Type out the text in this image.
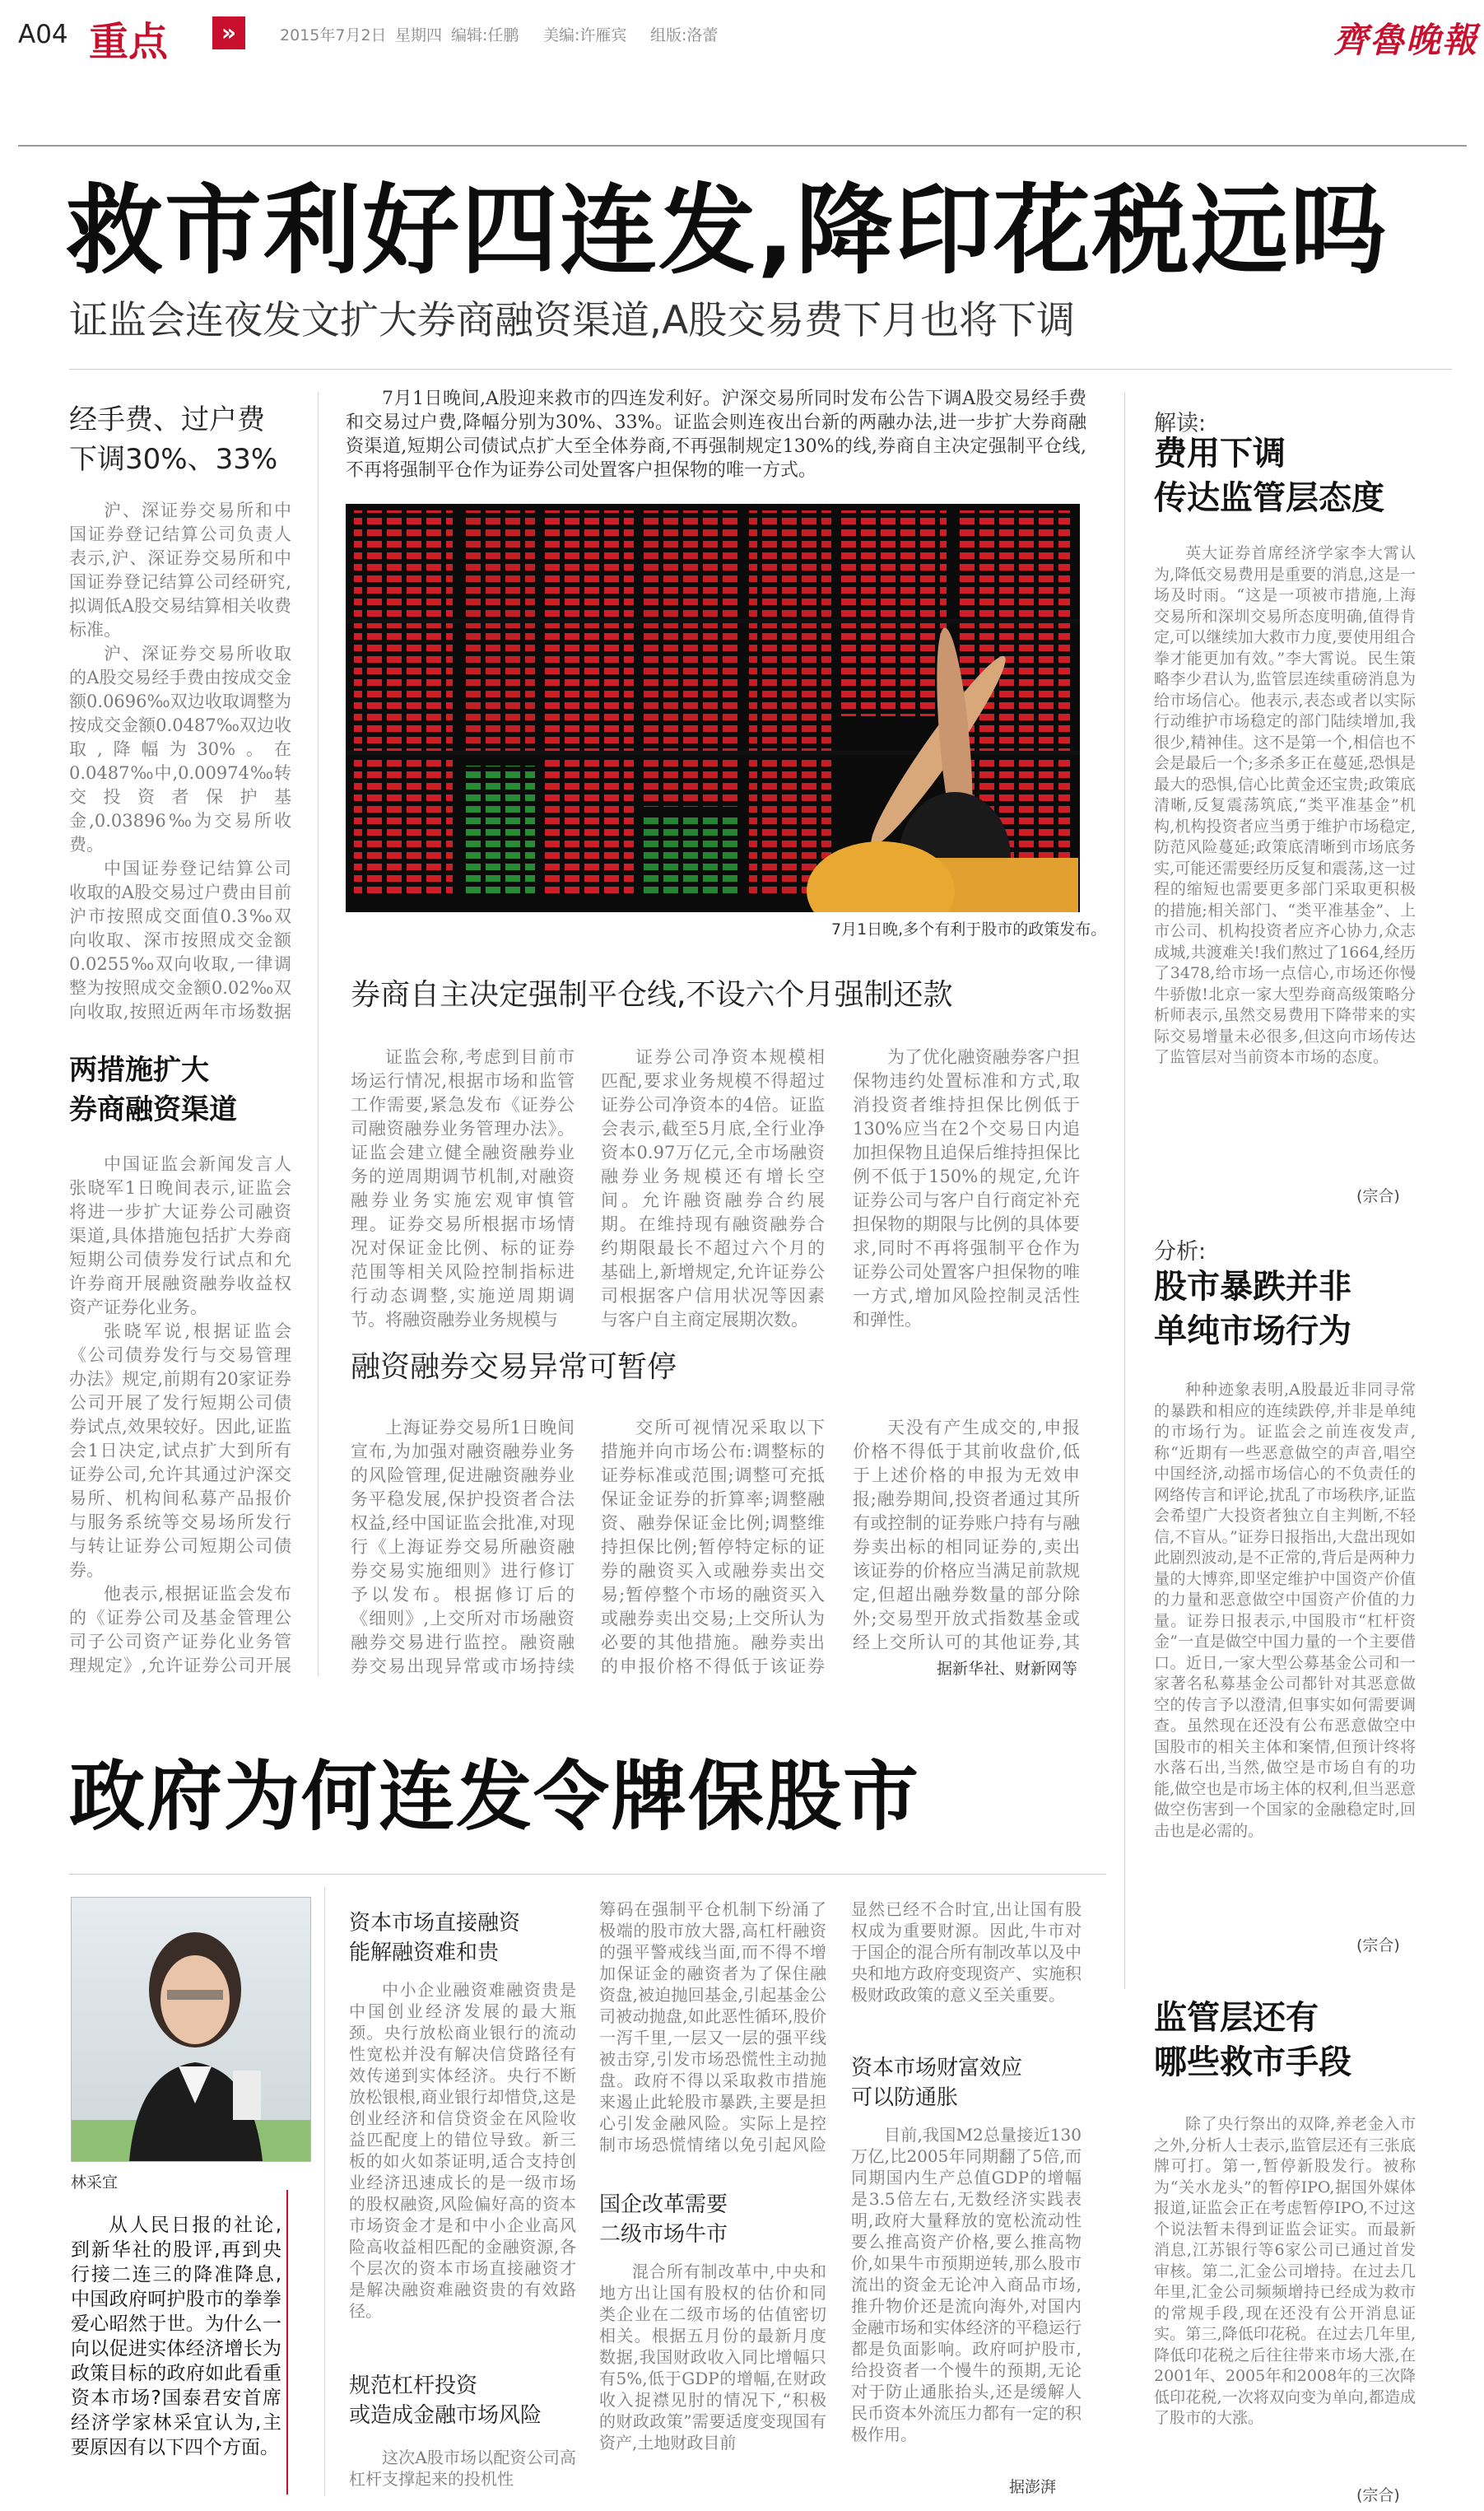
A04 重点	»	2015年7月2日 星期四 编辑:任鹏 美编:许雁宾 组版:洛蕾	齊魯晚報
救市利好四连发,降印花税远吗
证监会连夜发文扩大券商融资渠道,A股交易费下月也将下调
经手费、过户费
下调30%、33%

沪、深证券交易所和中国证券登记结算公司负责人表示,沪、深证券交易所和中国证券登记结算公司经研究,拟调低A股交易结算相关收费标准。

沪、深证券交易所收取的A股交易经手费由按成交金额0.0696‰双边收取调整为按成交金额0.0487‰双边收取,降幅为30%。在0.0487‰中,0.00974‰转交投资者保护基金,0.03896‰为交易所收费。

中国证券登记结算公司收取的A股交易过户费由目前沪市按照成交面值0.3‰双向收取、深市按照成交金额0.0255‰双向收取,一律调整为按照成交金额0.02‰双向收取,按照近两年市场数据

两措施扩大
券商融资渠道

中国证监会新闻发言人张晓军1日晚间表示,证监会将进一步扩大证券公司融资渠道,具体措施包括扩大券商短期公司债券发行试点和允许券商开展融资融券收益权资产证券化业务。

张晓军说,根据证监会《公司债券发行与交易管理办法》规定,前期有20家证券公司开展了发行短期公司债券试点,效果较好。因此,证监会1日决定,试点扩大到所有证券公司,允许其通过沪深交易所、机构间私募产品报价与服务系统等交易场所发行与转让证券公司短期公司债券。

他表示,根据证监会发布的《证券公司及基金管理公司子公司资产证券化业务管理规定》,允许证券公司开展

7月1日晚间,A股迎来救市的四连发利好。沪深交易所同时发布公告下调A股交易经手费和交易过户费,降幅分别为30%、33%。证监会则连夜出台新的两融办法,进一步扩大券商融资渠道,短期公司债试点扩大至全体券商,不再强制规定130%的线,券商自主决定强制平仓线,不再将强制平仓作为证券公司处置客户担保物的唯一方式。

7月1日晚,多个有利于股市的政策发布。
券商自主决定强制平仓线,不设六个月强制还款

证监会称,考虑到目前市场运行情况,根据市场和监管工作需要,紧急发布《证券公司融资融券业务管理办法》。证监会建立健全融资融券业务的逆周期调节机制,对融资融券业务实施宏观审慎管理。证券交易所根据市场情况对保证金比例、标的证券范围等相关风险控制指标进行动态调整,实施逆周期调节。将融资融券业务规模与

证券公司净资本规模相匹配,要求业务规模不得超过证券公司净资本的4倍。证监会表示,截至5月底,全行业净资本0.97万亿元,全市场融资融券业务规模还有增长空间。允许融资融券合约展期。在维持现有融资融券合约期限最长不超过六个月的基础上,新增规定,允许证券公司根据客户信用状况等因素与客户自主商定展期次数。

为了优化融资融券客户担保物违约处置标准和方式,取消投资者维持担保比例低于130%应当在2个交易日内追加担保物且追保后维持担保比例不低于150%的规定,允许证券公司与客户自行商定补充担保物的期限与比例的具体要求,同时不再将强制平仓作为证券公司处置客户担保物的唯一方式,增加风险控制灵活性和弹性。

融资融券交易异常可暂停

上海证券交易所1日晚间宣布,为加强对融资融券业务的风险管理,促进融资融券业务平稳发展,保护投资者合法权益,经中国证监会批准,对现行《上海证券交易所融资融券交易实施细则》进行修订予以发布。根据修订后的《细则》,上交所对市场融资融券交易进行监控。融资融券交易出现异常或市场持续

交所可视情况采取以下措施并向市场公布:调整标的证券标准或范围;调整可充抵保证金证券的折算率;调整融资、融券保证金比例;调整维持担保比例;暂停特定标的证券的融资买入或融券卖出交易;暂停整个市场的融资买入或融券卖出交易;上交所认为必要的其他措施。融券卖出的申报价格不得低于该证券

天没有产生成交的,申报价格不得低于其前收盘价,低于上述价格的申报为无效申报;融券期间,投资者通过其所有或控制的证券账户持有与融券卖出标的相同证券的,卖出该证券的价格应当满足前款规定,但超出融券数量的部分除外;交易型开放式指数基金或经上交所认可的其他证券,其

据新华社、财新网等
解读:
费用下调
传达监管层态度

英大证券首席经济学家李大霄认为,降低交易费用是重要的消息,这是一场及时雨。“这是一项被市措施,上海交易所和深圳交易所态度明确,值得肯定,可以继续加大救市力度,要使用组合拳才能更加有效。”李大霄说。民生策略李少君认为,监管层连续重磅消息为给市场信心。他表示,表态或者以实际行动维护市场稳定的部门陆续增加,我很少,精神佳。这不是第一个,相信也不会是最后一个;多杀多正在蔓延,恐惧是最大的恐惧,信心比黄金还宝贵;政策底清晰,反复震荡筑底,“类平准基金”机构,机构投资者应当勇于维护市场稳定,防范风险蔓延;政策底清晰到市场底务实,可能还需要经历反复和震荡,这一过程的缩短也需要更多部门采取更积极的措施;相关部门、“类平准基金”、上市公司、机构投资者应齐心协力,众志成城,共渡难关!我们熬过了1664,经历了3478,给市场一点信心,市场还你慢牛骄傲!北京一家大型券商高级策略分析师表示,虽然交易费用下降带来的实际交易增量未必很多,但这向市场传达了监管层对当前资本市场的态度。

(宗合)
分析:
股市暴跌并非
单纯市场行为

种种迹象表明,A股最近非同寻常的暴跌和相应的连续跌停,并非是单纯的市场行为。证监会之前连夜发声,称“近期有一些恶意做空的声音,唱空中国经济,动摇市场信心的不负责任的网络传言和评论,扰乱了市场秩序,证监会希望广大投资者独立自主判断,不轻信,不盲从。”证券日报指出,大盘出现如此剧烈波动,是不正常的,背后是两种力量的大博弈,即坚定维护中国资产价值的力量和恶意做空中国资产价值的力量。证券日报表示,中国股市“杠杆资金”一直是做空中国力量的一个主要借口。近日,一家大型公募基金公司和一家著名私募基金公司都针对其恶意做空的传言予以澄清,但事实如何需要调查。虽然现在还没有公布恶意做空中国股市的相关主体和案情,但预计终将水落石出,当然,做空是市场自有的功能,做空也是市场主体的权利,但当恶意做空伤害到一个国家的金融稳定时,回击也是必需的。

(宗合)
监管层还有
哪些救市手段

除了央行祭出的双降,养老金入市之外,分析人士表示,监管层还有三张底牌可打。第一,暂停新股发行。被称为“关水龙头”的暂停IPO,据国外媒体报道,证监会正在考虑暂停IPO,不过这个说法暂未得到证监会证实。而最新消息,江苏银行等6家公司已通过首发审核。第二,汇金公司增持。在过去几年里,汇金公司频频增持已经成为救市的常规手段,现在还没有公开消息证实。第三,降低印花税。在过去几年里,降低印花税之后往往带来市场大涨,在2001年、2005年和2008年的三次降低印花税,一次将双向变为单向,都造成了股市的大涨。

(宗合)
政府为何连发令牌保股市
林采宜

从人民日报的社论,到新华社的股评,再到央行接二连三的降准降息,中国政府呵护股市的拳拳爱心昭然于世。为什么一向以促进实体经济增长为政策目标的政府如此看重资本市场?国泰君安首席经济学家林采宜认为,主要原因有以下四个方面。

资本市场直接融资
能解融资难和贵

中小企业融资难融资贵是中国创业经济发展的最大瓶颈。央行放松商业银行的流动性宽松并没有解决信贷路径有效传递到实体经济。央行不断放松银根,商业银行却惜贷,这是创业经济和信贷资金在风险收益匹配度上的错位导致。新三板的如火如荼证明,适合支持创业经济迅速成长的是一级市场的股权融资,风险偏好高的资本市场资金才是和中小企业高风险高收益相匹配的金融资源,各个层次的资本市场直接融资才是解决融资难融资贵的有效路径。

规范杠杆投资
或造成金融市场风险

这次A股市场以配资公司高杠杆支撑起来的投机性

筹码在强制平仓机制下纷涌了极端的股市放大器,高杠杆融资的强平警戒线当面,而不得不增加保证金的融资者为了保住融资盘,被迫抛回基金,引起基金公司被动抛盘,如此恶性循环,股价一泻千里,一层又一层的强平线被击穿,引发市场恐慌性主动抛盘。政府不得以采取救市措施来遏止此轮股市暴跌,主要是担心引发金融风险。实际上是控制市场恐慌情绪以免引起风险

国企改革需要
二级市场牛市

混合所有制改革中,中央和地方出让国有股权的估价和同类企业在二级市场的估值密切相关。根据五月份的最新月度数据,我国财政收入同比增幅只有5%,低于GDP的增幅,在财政收入捉襟见肘的情况下,“积极的财政政策”需要适度变现国有资产,土地财政目前

显然已经不合时宜,出让国有股权成为重要财源。因此,牛市对于国企的混合所有制改革以及中央和地方政府变现资产、实施积极财政政策的意义至关重要。

资本市场财富效应
可以防通胀

目前,我国M2总量接近130万亿,比2005年同期翻了5倍,而同期国内生产总值GDP的增幅是3.5倍左右,无数经济实践表明,政府大量释放的宽松流动性要么推高资产价格,要么推高物价,如果牛市预期逆转,那么股市流出的资金无论冲入商品市场,推升物价还是流向海外,对国内金融市场和实体经济的平稳运行都是负面影响。政府呵护股市,给投资者一个慢牛的预期,无论对于防止通胀抬头,还是缓解人民币资本外流压力都有一定的积极作用。

据澎湃
